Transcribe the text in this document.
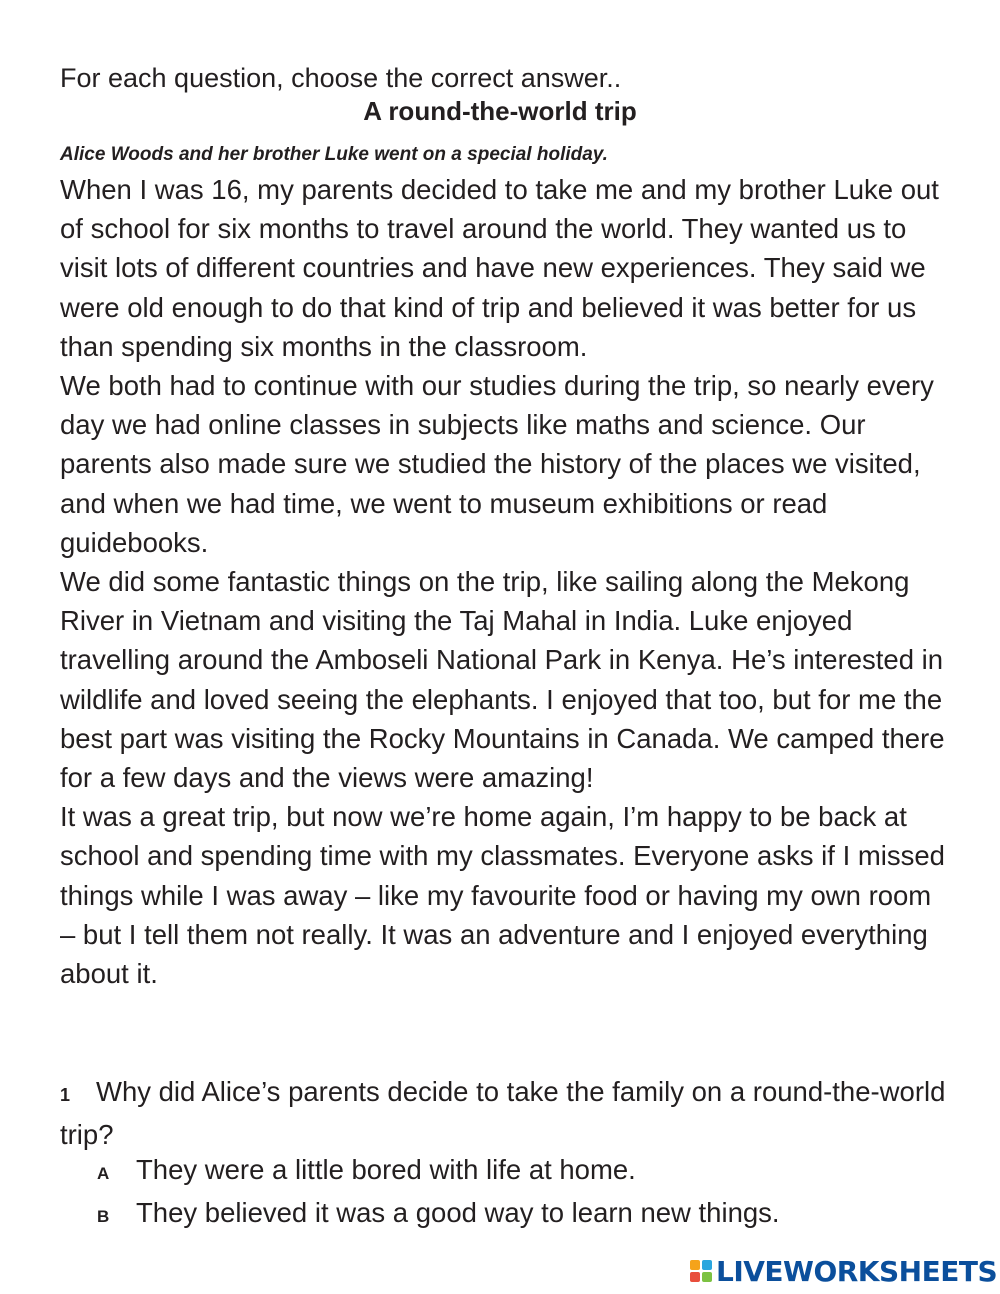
For each question, choose the correct answer..
A round-the-world trip
Alice Woods and her brother Luke went on a special holiday.

When I was 16, my parents decided to take me and my brother Luke out of school for six months to travel around the world. They wanted us to visit lots of different countries and have new experiences. They said we were old enough to do that kind of trip and believed it was better for us than spending six months in the classroom.

We both had to continue with our studies during the trip, so nearly every day we had online classes in subjects like maths and science. Our parents also made sure we studied the history of the places we visited, and when we had time, we went to museum exhibitions or read guidebooks.

We did some fantastic things on the trip, like sailing along the Mekong River in Vietnam and visiting the Taj Mahal in India. Luke enjoyed travelling around the Amboseli National Park in Kenya. He’s interested in wildlife and loved seeing the elephants. I enjoyed that too, but for me the best part was visiting the Rocky Mountains in Canada. We camped there for a few days and the views were amazing!

It was a great trip, but now we’re home again, I’m happy to be back at school and spending time with my classmates. Everyone asks if I missed things while I was away – like my favourite food or having my own room – but I tell them not really. It was an adventure and I enjoyed everything about it.

1 Why did Alice’s parents decide to take the family on a round-the-world trip?
A They were a little bored with life at home.
B They believed it was a good way to learn new things.
LIVEWORKSHEETS
